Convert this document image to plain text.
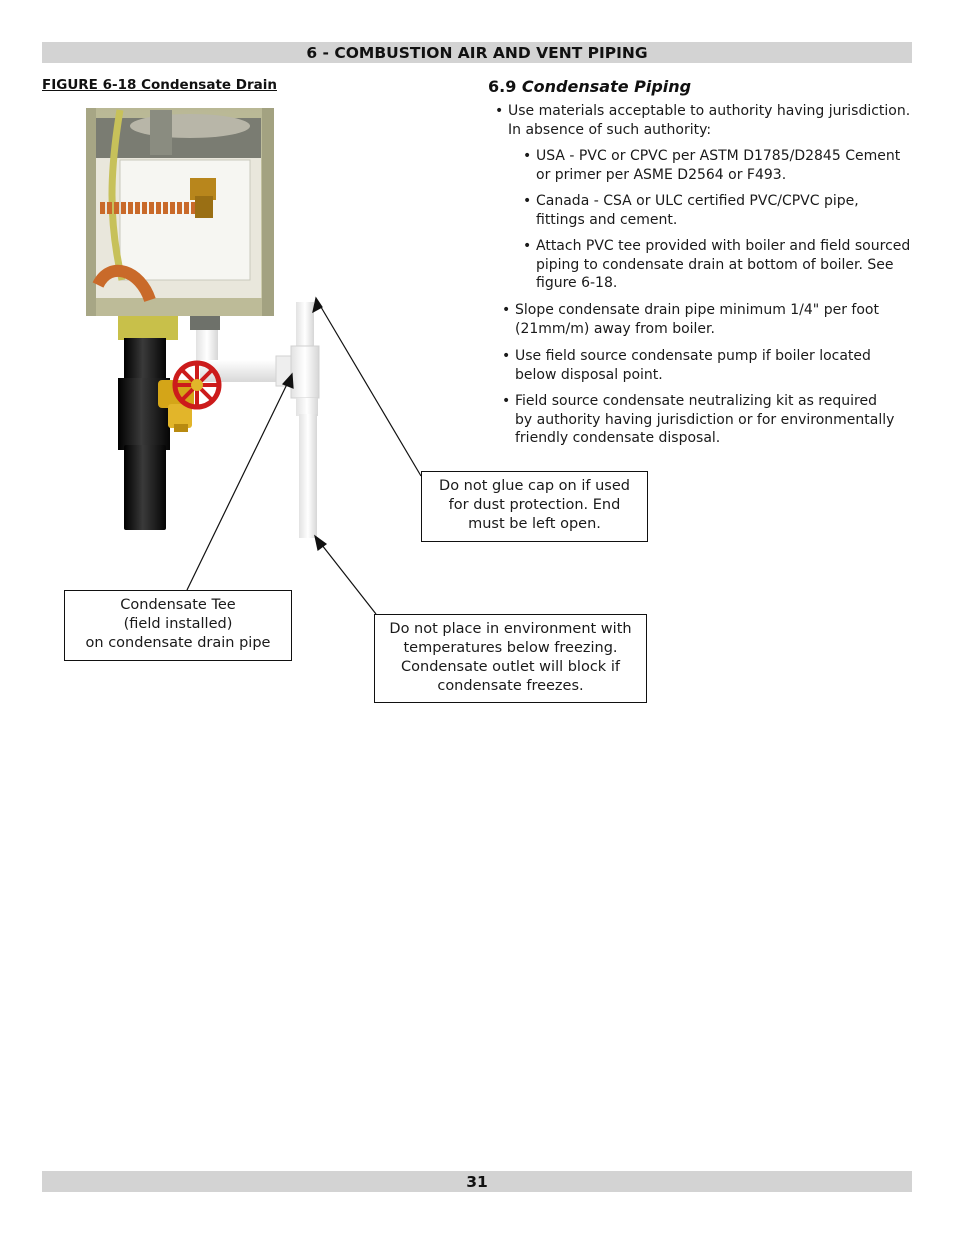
6 - COMBUSTION AIR AND VENT PIPING
FIGURE 6-18 Condensate Drain
Do not glue cap on if used
for dust protection. End
must be left open.
Condensate Tee
(field installed)
on condensate drain pipe
Do not place in environment with
temperatures below freezing.
Condensate outlet will block if
condensate freezes.
6.9 Condensate Piping
• Use materials acceptable to authority having jurisdiction.
In absence of such authority:
• USA - PVC or CPVC per ASTM D1785/D2845 Cement
or primer per ASME D2564 or F493.
• Canada - CSA or ULC certified PVC/CPVC pipe,
fittings and cement.
• Attach PVC tee provided with boiler and field sourced
piping to condensate drain at bottom of boiler. See
figure 6-18.
• Slope condensate drain pipe minimum 1/4" per foot
(21mm/m) away from boiler.
• Use field source condensate pump if boiler located
below disposal point.
• Field source condensate neutralizing kit as required
by authority having jurisdiction or for environmentally
friendly condensate disposal.
31
